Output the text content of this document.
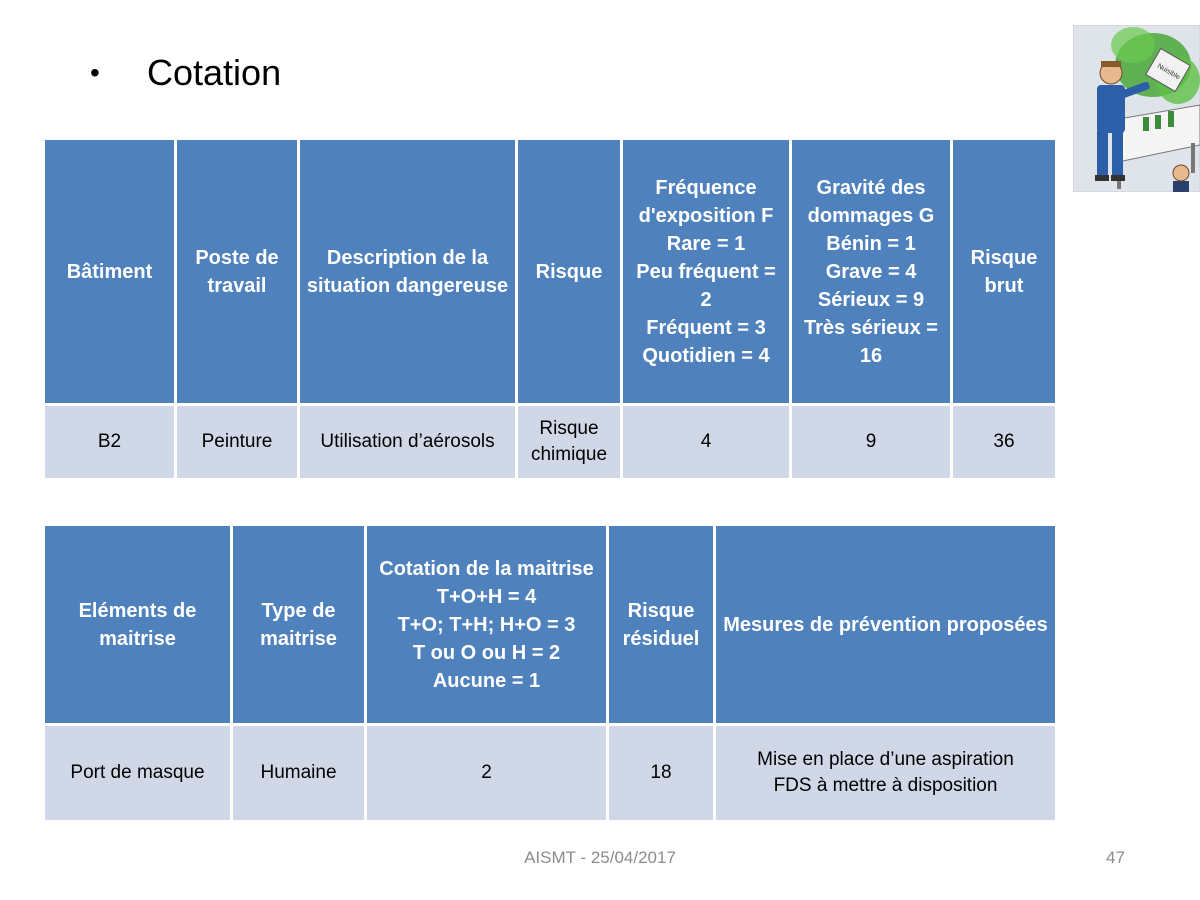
•	Cotation	Nuisible
Bâtiment	Poste de travail	Description de la situation dangereuse	Risque	Fréquence d'exposition F
Rare = 1
Peu fréquent = 2
Fréquent = 3
Quotidien = 4	Gravité des dommages G
Bénin = 1
Grave = 4
Sérieux = 9
Très sérieux = 16	Risque brut
B2	Peinture	Utilisation d’aérosols	Risque chimique	4	9	36
Eléments de maitrise	Type de maitrise	Cotation de la maitrise
T+O+H = 4
T+O; T+H; H+O = 3
T ou O ou H = 2
Aucune = 1	Risque résiduel	Mesures de prévention proposées
Port de masque	Humaine	2	18	Mise en place d’une aspiration
FDS à mettre à disposition
AISMT - 25/04/2017	47
